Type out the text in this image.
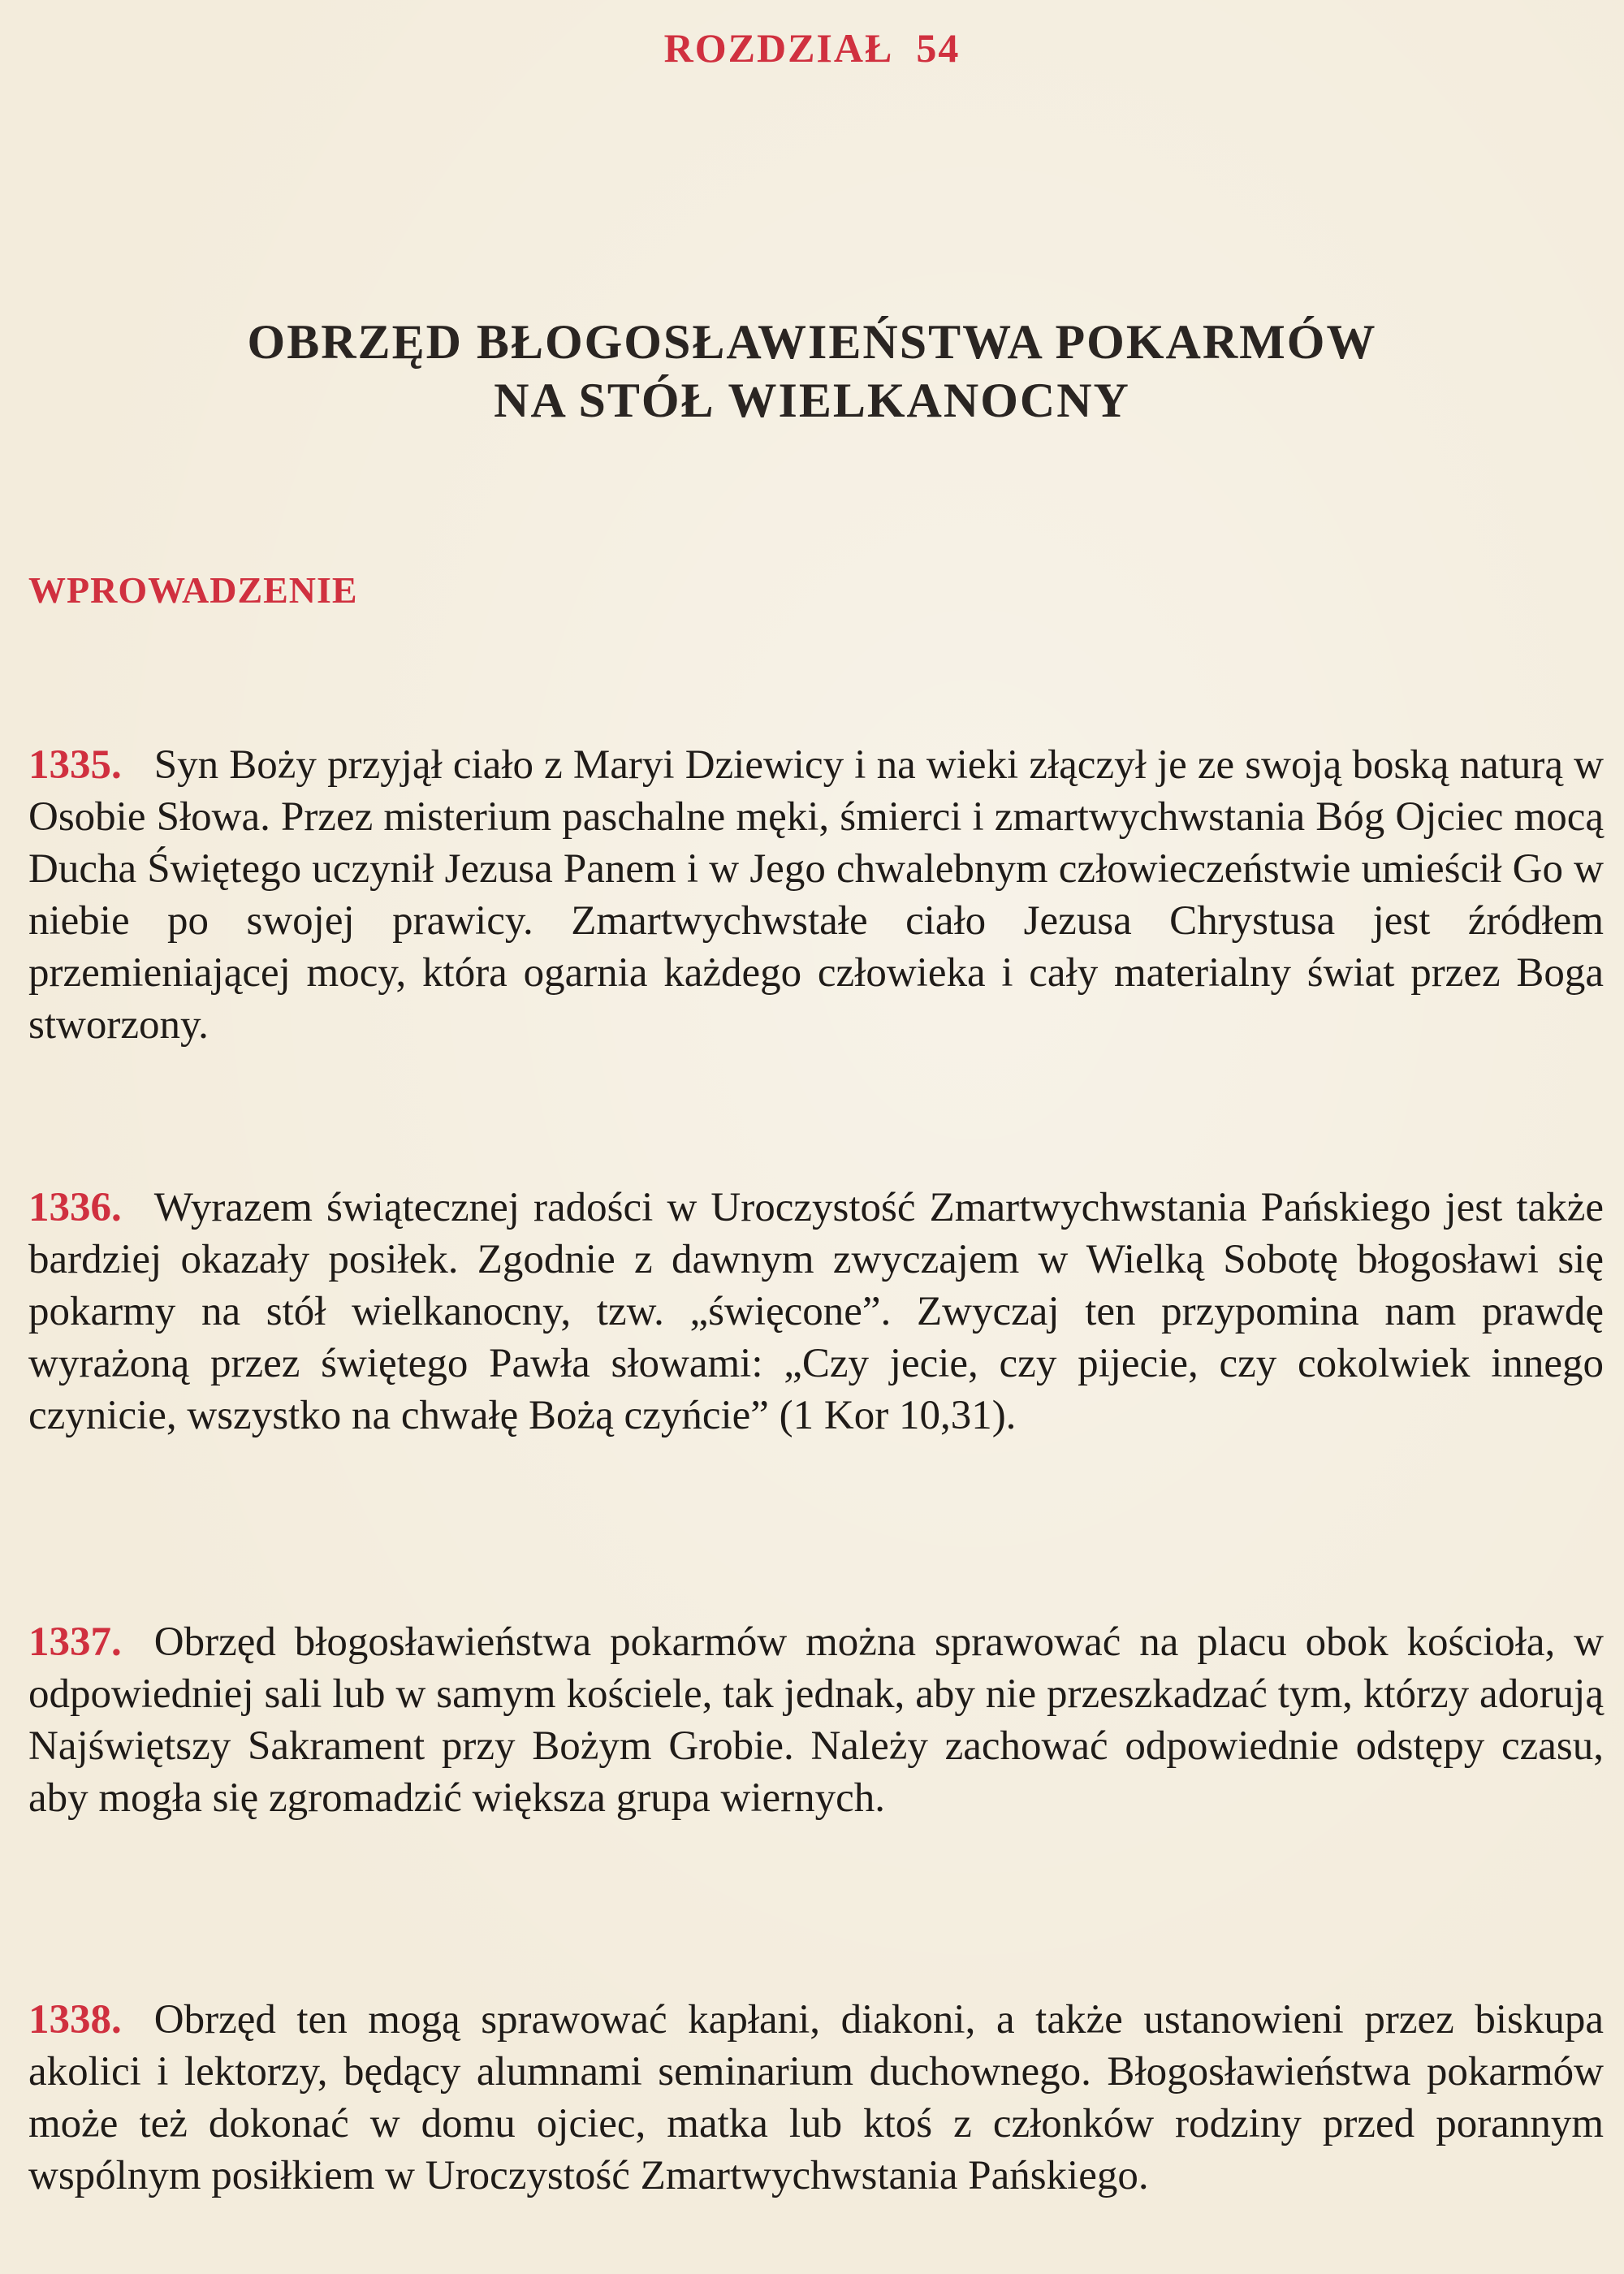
ROZDZIAŁ 54
OBRZĘD BŁOGOSŁAWIEŃSTWA POKARMÓW
NA STÓŁ WIELKANOCNY
WPROWADZENIE

1335. Syn Boży przyjął ciało z Maryi Dziewicy i na wieki złączył je ze swoją boską naturą w Osobie Słowa. Przez misterium paschalne męki, śmierci i zmartwychwstania Bóg Ojciec mocą Ducha Świętego uczynił Jezusa Panem i w Jego chwalebnym człowieczeństwie umieścił Go w niebie po swojej prawicy. Zmartwychwstałe ciało Jezusa Chrystusa jest źródłem przemieniającej mocy, która ogarnia każdego człowieka i cały materialny świat przez Boga stworzony.

1336. Wyrazem świątecznej radości w Uroczystość Zmartwychwstania Pańskiego jest także bardziej okazały posiłek. Zgodnie z dawnym zwyczajem w Wielką Sobotę błogosławi się pokarmy na stół wielkanocny, tzw. „święcone”. Zwyczaj ten przypomina nam prawdę wyrażoną przez świętego Pawła słowami: „Czy jecie, czy pijecie, czy cokolwiek innego czynicie, wszystko na chwałę Bożą czyńcie” (1 Kor 10,31).

1337. Obrzęd błogosławieństwa pokarmów można sprawować na placu obok kościoła, w odpowiedniej sali lub w samym kościele, tak jednak, aby nie przeszkadzać tym, którzy adorują Najświętszy Sakrament przy Bożym Grobie. Należy zachować odpowiednie odstępy czasu, aby mogła się zgromadzić większa grupa wiernych.

1338. Obrzęd ten mogą sprawować kapłani, diakoni, a także ustanowieni przez biskupa akolici i lektorzy, będący alumnami seminarium duchownego. Błogosławieństwa pokarmów może też dokonać w domu ojciec, matka lub ktoś z członków rodziny przed porannym wspólnym posiłkiem w Uroczystość Zmartwychwstania Pańskiego.
